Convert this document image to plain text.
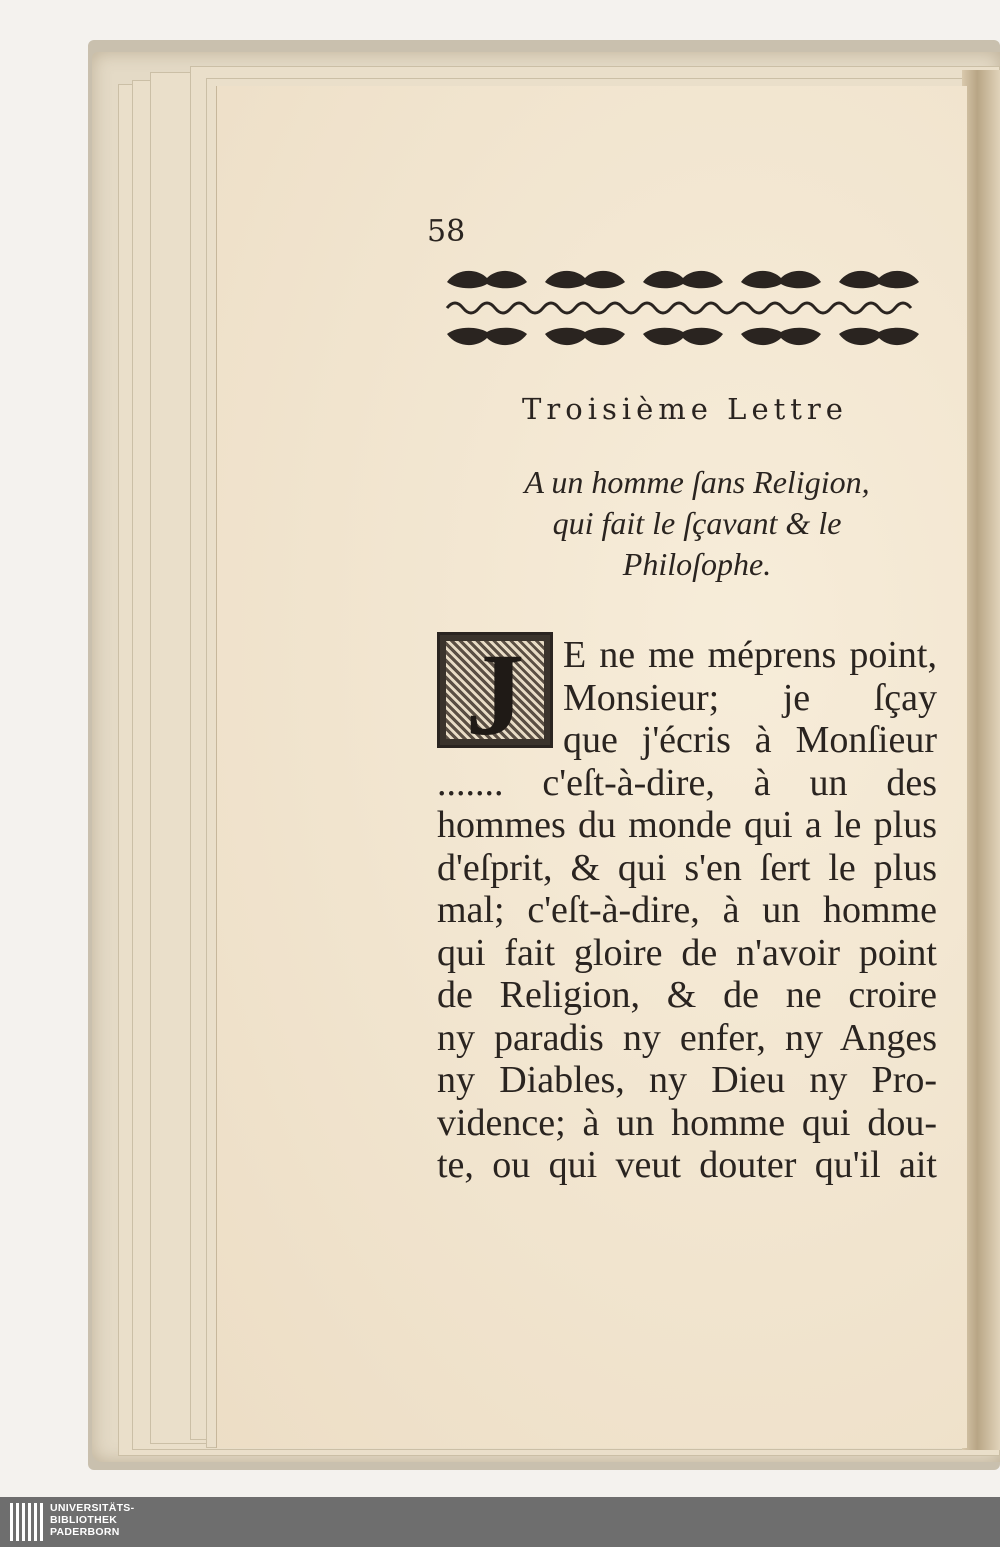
58
Troisième Lettre
A un homme ſans Religion,
qui fait le ſçavant & le
Philoſophe.
J	E ne me méprens point,
Monsieur; je ſçay
que j'écris à Monſieur
....... c'eſt-à-dire, à un des
hommes du monde qui a le plus
d'eſprit, & qui s'en ſert le plus
mal; c'eſt-à-dire, à un homme
qui fait gloire de n'avoir point
de Religion, & de ne croire
ny paradis ny enfer, ny Anges
ny Diables, ny Dieu ny Pro-
vidence; à un homme qui dou-
te, ou qui veut douter qu'il ait
UNIVERSITÄTS-
BIBLIOTHEK
PADERBORN
